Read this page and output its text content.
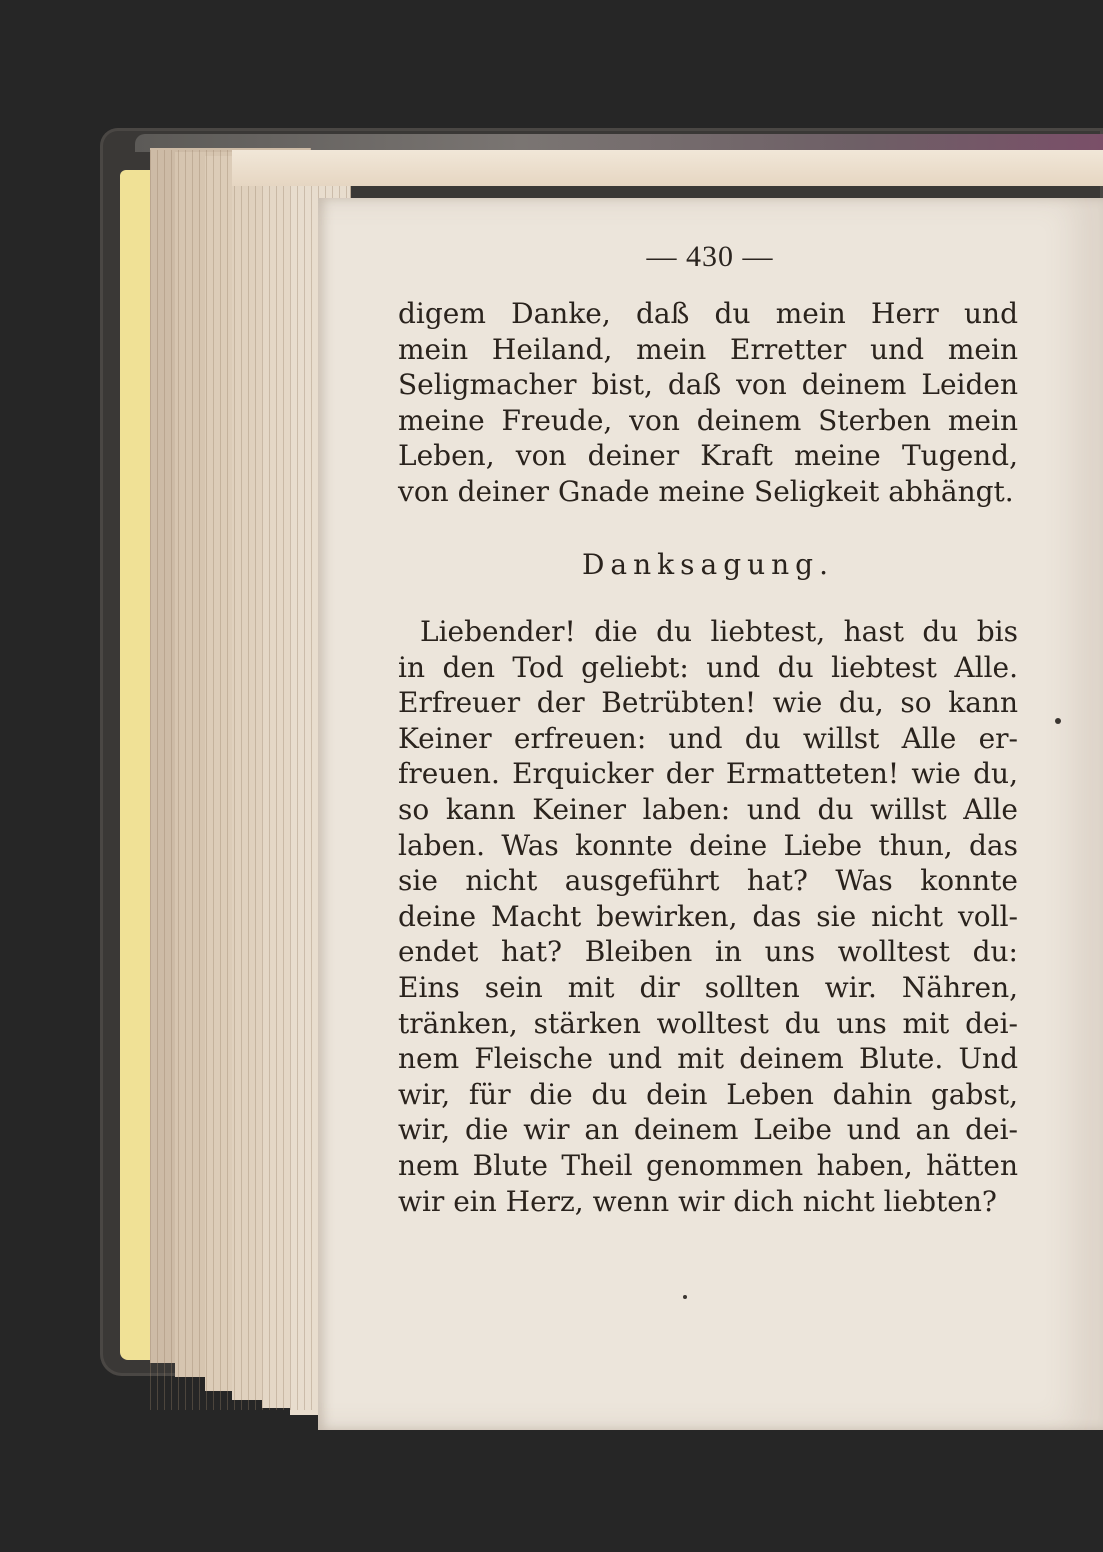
— 430 —
digem Danke, daß du mein Herr und
mein Heiland, mein Erretter und mein
Seligmacher bist, daß von deinem Leiden
meine Freude, von deinem Sterben mein
Leben, von deiner Kraft meine Tugend,
von deiner Gnade meine Seligkeit abhängt.
Danksagung.
Liebender! die du liebtest, hast du bis
in den Tod geliebt: und du liebtest Alle.
Erfreuer der Betrübten! wie du, so kann
Keiner erfreuen: und du willst Alle er-
freuen. Erquicker der Ermatteten! wie du,
so kann Keiner laben: und du willst Alle
laben. Was konnte deine Liebe thun, das
sie nicht ausgeführt hat? Was konnte
deine Macht bewirken, das sie nicht voll-
endet hat? Bleiben in uns wolltest du:
Eins sein mit dir sollten wir. Nähren,
tränken, stärken wolltest du uns mit dei-
nem Fleische und mit deinem Blute. Und
wir, für die du dein Leben dahin gabst,
wir, die wir an deinem Leibe und an dei-
nem Blute Theil genommen haben, hätten
wir ein Herz, wenn wir dich nicht liebten?
